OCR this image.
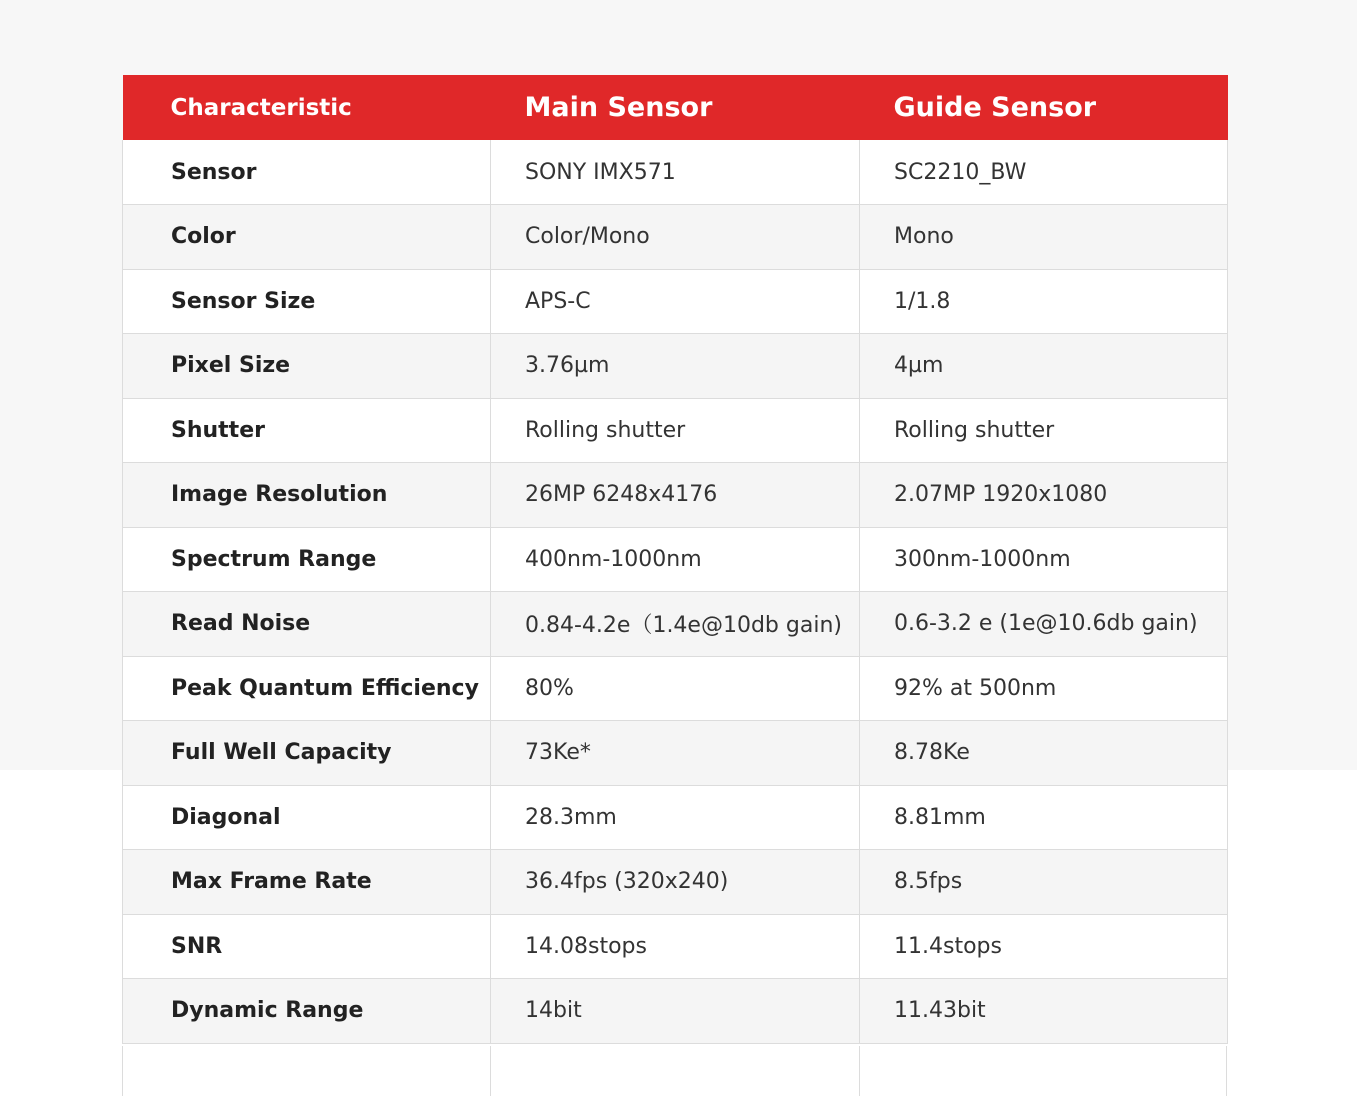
Characteristic	Main Sensor	Guide Sensor
Sensor	SONY IMX571	SC2210_BW
Color	Color/Mono	Mono
Sensor Size	APS-C	1/1.8
Pixel Size	3.76µm	4µm
Shutter	Rolling shutter	Rolling shutter
Image Resolution	26MP 6248x4176	2.07MP 1920x1080
Spectrum Range	400nm-1000nm	300nm-1000nm
Read Noise	0.84-4.2e（1.4e@10db gain)	0.6-3.2 e (1e@10.6db gain)
Peak Quantum Efficiency	80%	92% at 500nm
Full Well Capacity	73Ke*	8.78Ke
Diagonal	28.3mm	8.81mm
Max Frame Rate	36.4fps (320x240)	8.5fps
SNR	14.08stops	11.4stops
Dynamic Range	14bit	11.43bit
